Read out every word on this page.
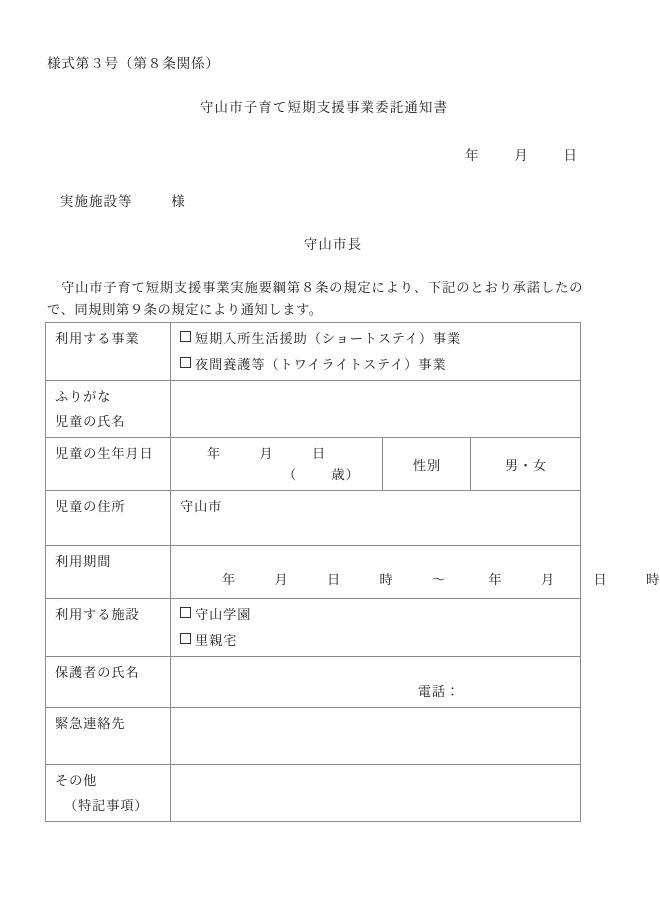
様式第３号（第８条関係）
守山市子育て短期支援事業委託通知書
年	月	日
実施施設等	様
守山市長
守山市子育て短期支援事業実施要綱第８条の規定により、下記のとおり承諾したので、同規則第９条の規定により通知します。
利用する事業	短期入所生活援助（ショートステイ）事業
夜間養護等（トワイライトステイ）事業

ふりがな
児童の氏名

児童の生年月日
		年	月	日
（	歳）
	性別	男・女

児童の住所	守山市

利用期間

年	月	日	時	～	年	月	日	時

利用する施設	守山学園
里親宅

保護者の氏名

電話：

緊急連絡先

その他
（特記事項）
